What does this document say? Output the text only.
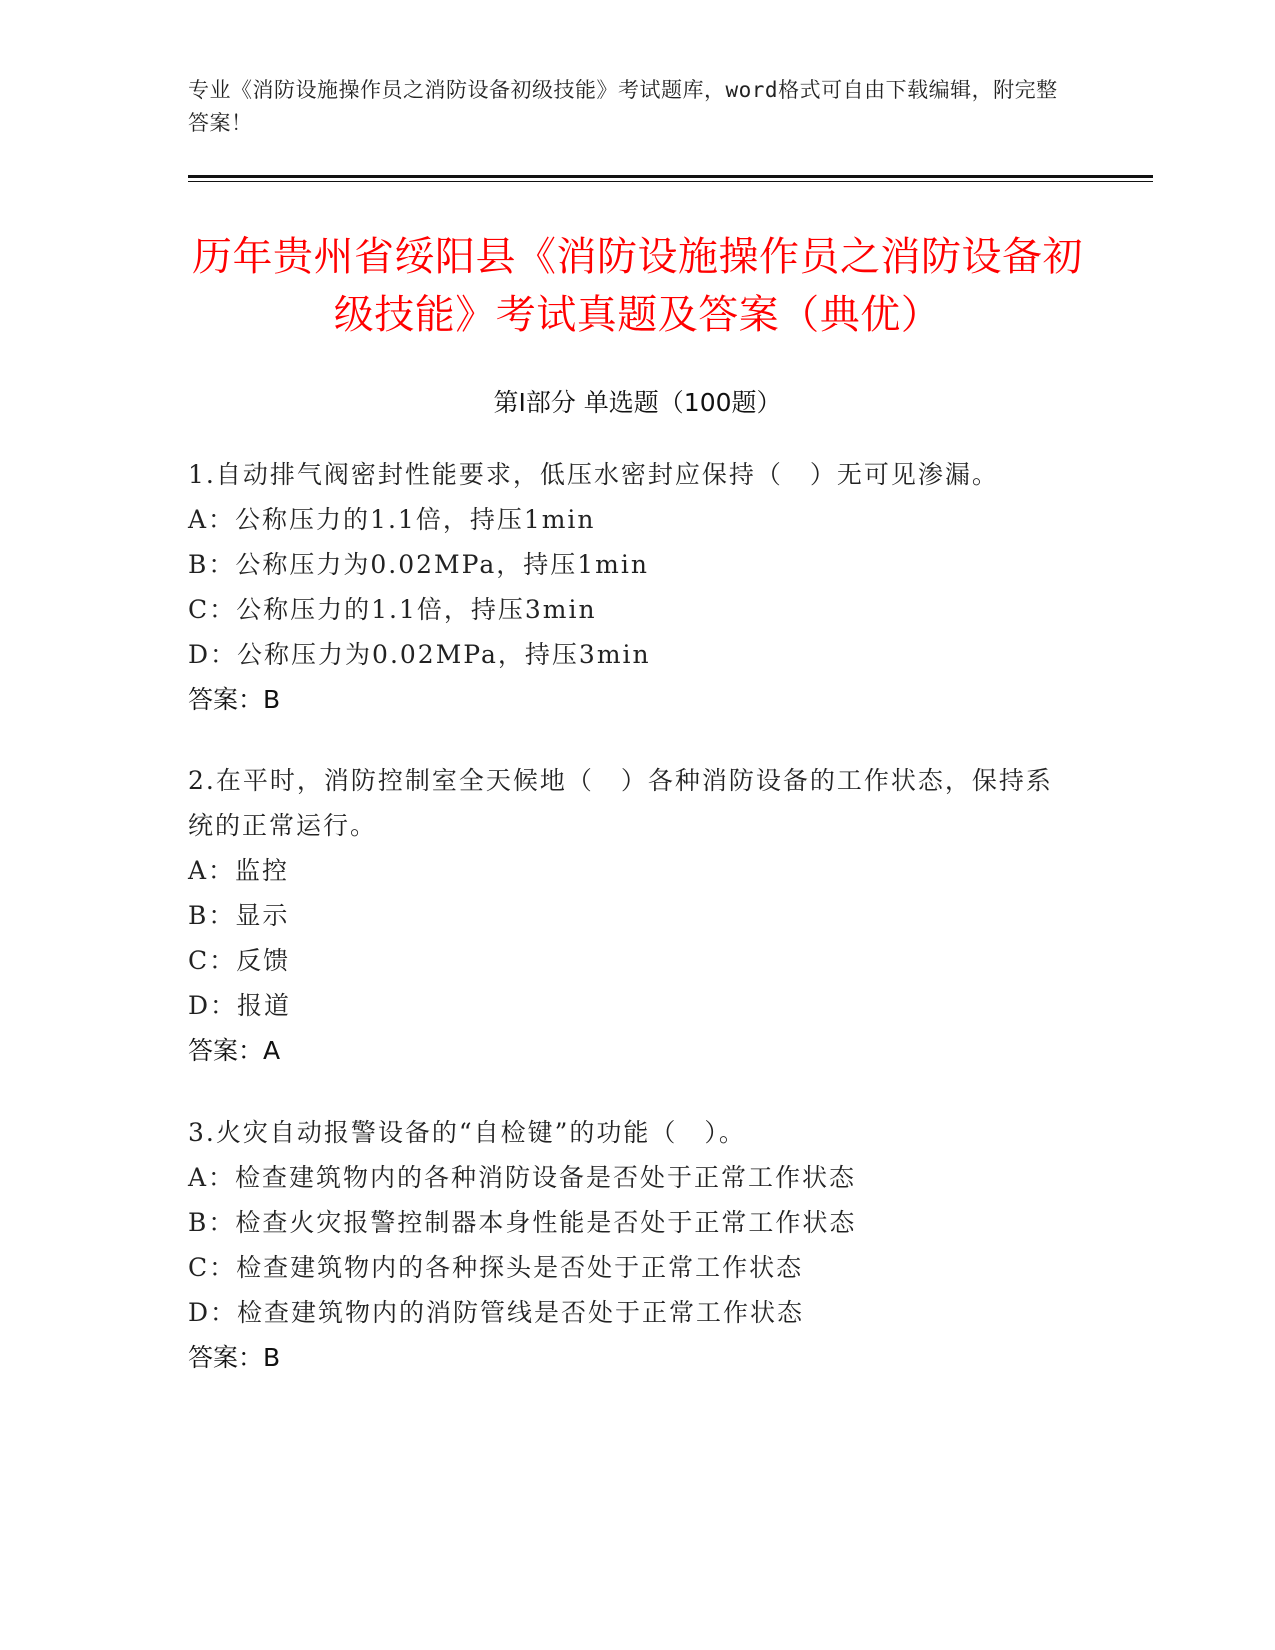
专业《消防设施操作员之消防设备初级技能》考试题库，word格式可自由下载编辑，附完整答案！
历年贵州省绥阳县《消防设施操作员之消防设备初级技能》考试真题及答案（典优）
第Ⅰ部分 单选题（100题）

1.自动排气阀密封性能要求，低压水密封应保持（　）无可见渗漏。

A：公称压力的1.1倍，持压1min

B：公称压力为0.02MPa，持压1min

C：公称压力的1.1倍，持压3min

D：公称压力为0.02MPa，持压3min

答案：B

2.在平时，消防控制室全天候地（　）各种消防设备的工作状态，保持系统的正常运行。

A：监控

B：显示

C：反馈

D：报道

答案：A

3.火灾自动报警设备的“自检键”的功能（　）。

A：检查建筑物内的各种消防设备是否处于正常工作状态

B：检查火灾报警控制器本身性能是否处于正常工作状态

C：检查建筑物内的各种探头是否处于正常工作状态

D：检查建筑物内的消防管线是否处于正常工作状态

答案：B
